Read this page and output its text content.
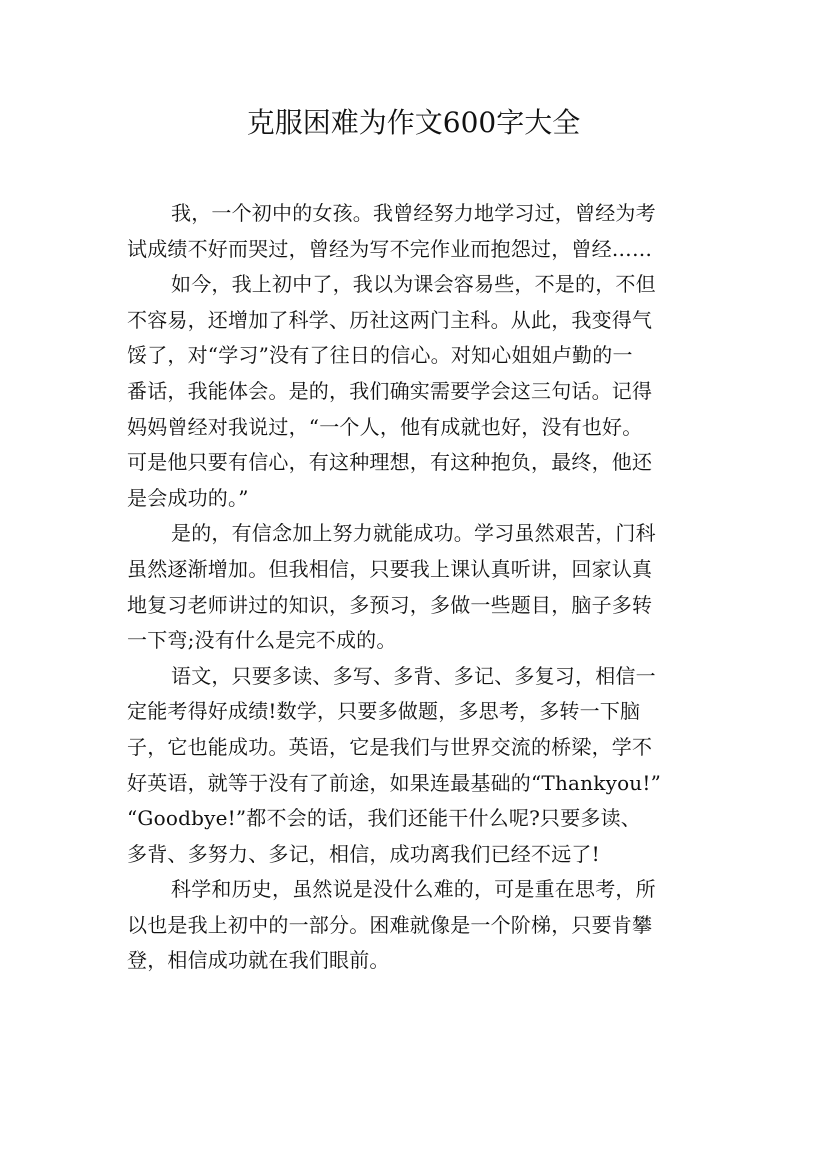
克服困难为作文600字大全
我，一个初中的女孩。我曾经努力地学习过，曾经为考
试成绩不好而哭过，曾经为写不完作业而抱怨过，曾经……
如今，我上初中了，我以为课会容易些，不是的，不但
不容易，还增加了科学、历社这两门主科。从此，我变得气
馁了，对“学习”没有了往日的信心。对知心姐姐卢勤的一
番话，我能体会。是的，我们确实需要学会这三句话。记得
妈妈曾经对我说过，“一个人，他有成就也好，没有也好。
可是他只要有信心，有这种理想，有这种抱负，最终，他还
是会成功的。”
是的，有信念加上努力就能成功。学习虽然艰苦，门科
虽然逐渐增加。但我相信，只要我上课认真听讲，回家认真
地复习老师讲过的知识，多预习，多做一些题目，脑子多转
一下弯;没有什么是完不成的。
语文，只要多读、多写、多背、多记、多复习，相信一
定能考得好成绩!数学，只要多做题，多思考，多转一下脑
子，它也能成功。英语，它是我们与世界交流的桥梁，学不
好英语，就等于没有了前途，如果连最基础的“Thankyou!”
“Goodbye!”都不会的话，我们还能干什么呢?只要多读、
多背、多努力、多记，相信，成功离我们已经不远了!
科学和历史，虽然说是没什么难的，可是重在思考，所
以也是我上初中的一部分。困难就像是一个阶梯，只要肯攀
登，相信成功就在我们眼前。
